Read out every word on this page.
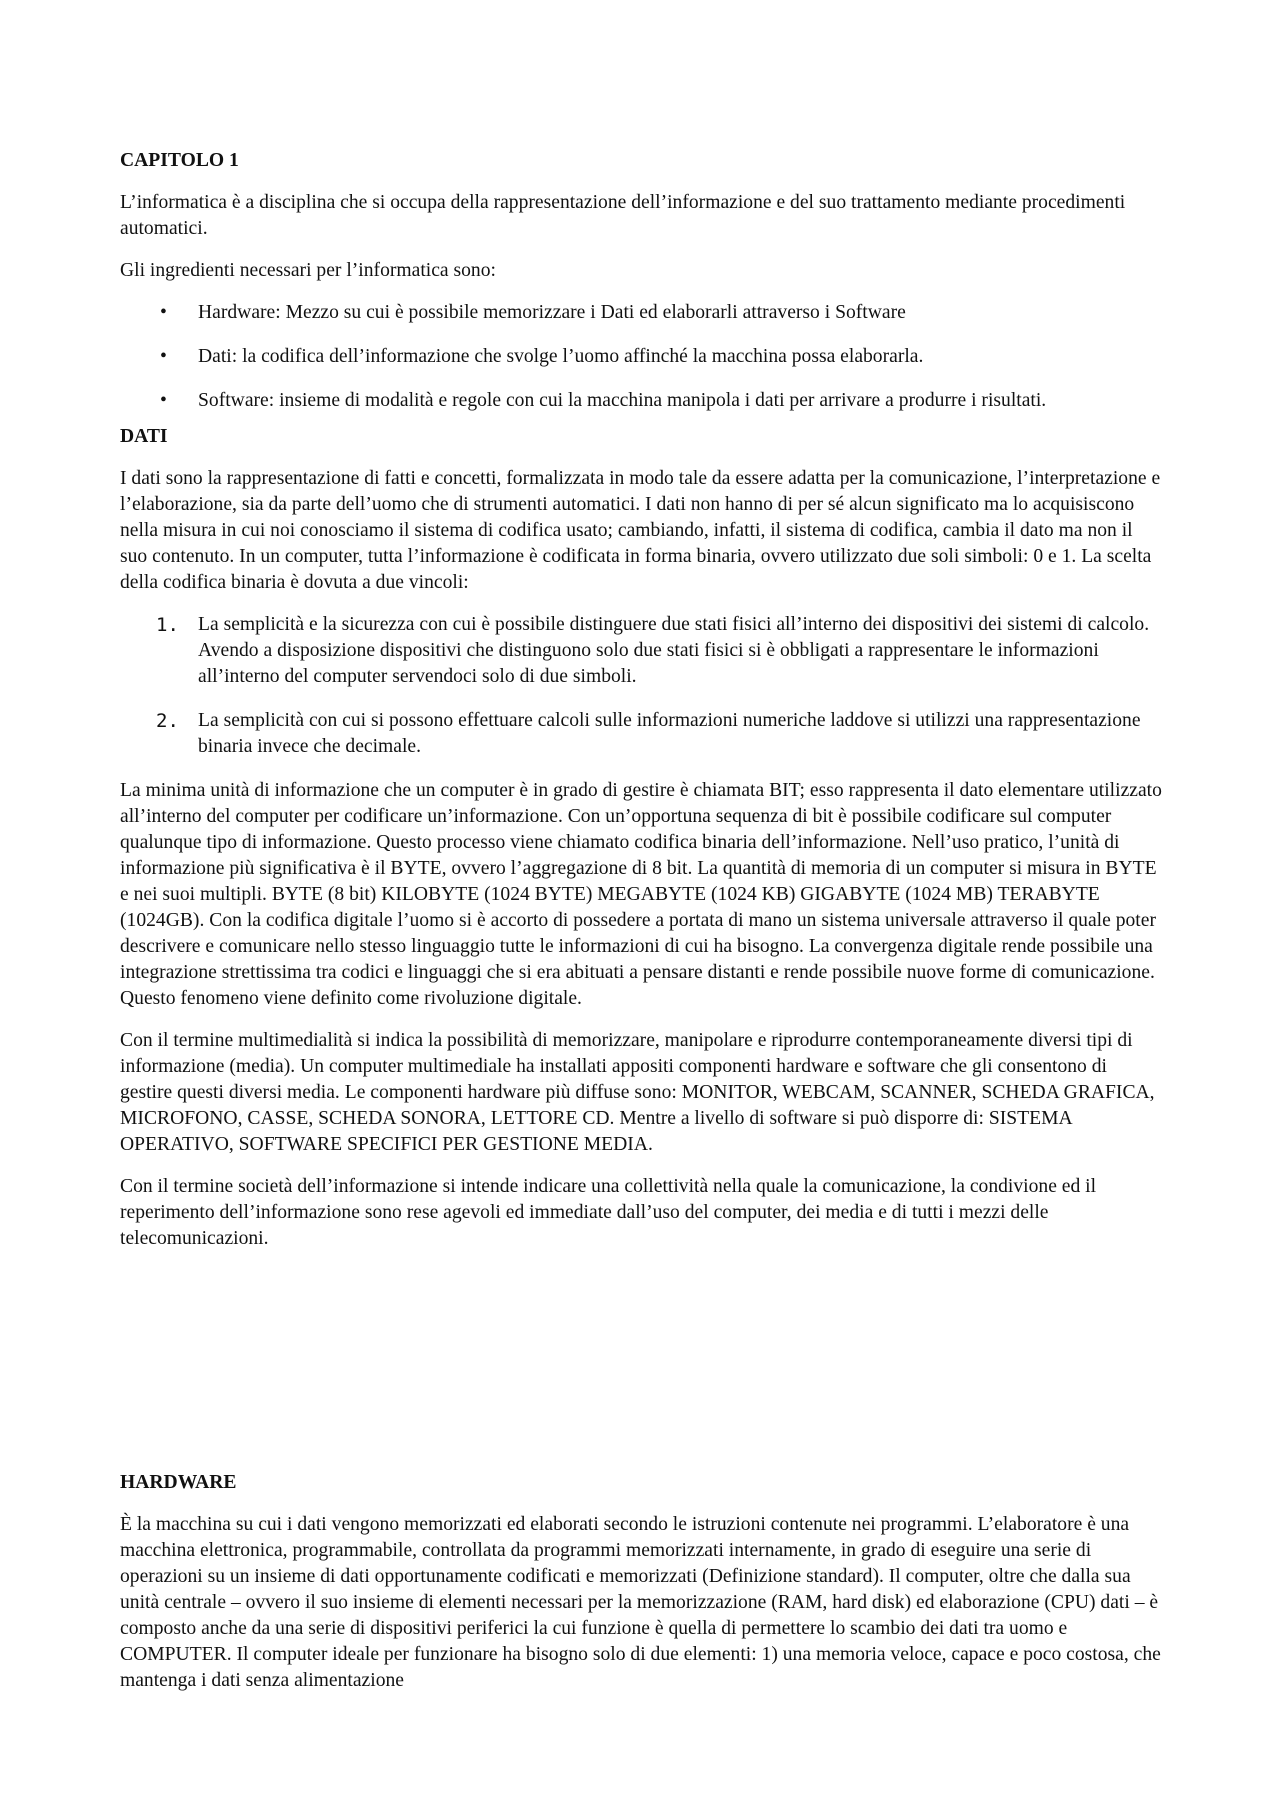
CAPITOLO 1

L’informatica è a disciplina che si occupa della rappresentazione dell’informazione e del suo trattamento mediante procedimenti automatici.

Gli ingredienti necessari per l’informatica sono:

• Hardware: Mezzo su cui è possibile memorizzare i Dati ed elaborarli attraverso i Software
• Dati: la codifica dell’informazione che svolge l’uomo affinché la macchina possa elaborarla.
• Software: insieme di modalità e regole con cui la macchina manipola i dati per arrivare a produrre i risultati.
DATI

I dati sono la rappresentazione di fatti e concetti, formalizzata in modo tale da essere adatta per la comunicazione, l’interpretazione e l’elaborazione, sia da parte dell’uomo che di strumenti automatici. I dati non hanno di per sé alcun significato ma lo acquisiscono nella misura in cui noi conosciamo il sistema di codifica usato; cambiando, infatti, il sistema di codifica, cambia il dato ma non il suo contenuto. In un computer, tutta l’informazione è codificata in forma binaria, ovvero utilizzato due soli simboli: 0 e 1. La scelta della codifica binaria è dovuta a due vincoli:

1. La semplicità e la sicurezza con cui è possibile distinguere due stati fisici all’interno dei dispositivi dei sistemi di calcolo. Avendo a disposizione dispositivi che distinguono solo due stati fisici si è obbligati a rappresentare le informazioni all’interno del computer servendoci solo di due simboli.
2. La semplicità con cui si possono effettuare calcoli sulle informazioni numeriche laddove si utilizzi una rappresentazione binaria invece che decimale.

La minima unità di informazione che un computer è in grado di gestire è chiamata BIT; esso rappresenta il dato elementare utilizzato all’interno del computer per codificare un’informazione. Con un’opportuna sequenza di bit è possibile codificare sul computer qualunque tipo di informazione. Questo processo viene chiamato codifica binaria dell’informazione. Nell’uso pratico, l’unità di informazione più significativa è il BYTE, ovvero l’aggregazione di 8 bit. La quantità di memoria di un computer si misura in BYTE e nei suoi multipli. BYTE (8 bit) KILOBYTE (1024 BYTE) MEGABYTE (1024 KB) GIGABYTE (1024 MB) TERABYTE (1024GB). Con la codifica digitale l’uomo si è accorto di possedere a portata di mano un sistema universale attraverso il quale poter descrivere e comunicare nello stesso linguaggio tutte le informazioni di cui ha bisogno. La convergenza digitale rende possibile una integrazione strettissima tra codici e linguaggi che si era abituati a pensare distanti e rende possibile nuove forme di comunicazione. Questo fenomeno viene definito come rivoluzione digitale.

Con il termine multimedialità si indica la possibilità di memorizzare, manipolare e riprodurre contemporaneamente diversi tipi di informazione (media). Un computer multimediale ha installati appositi componenti hardware e software che gli consentono di gestire questi diversi media. Le componenti hardware più diffuse sono: MONITOR, WEBCAM, SCANNER, SCHEDA GRAFICA, MICROFONO, CASSE, SCHEDA SONORA, LETTORE CD. Mentre a livello di software si può disporre di: SISTEMA OPERATIVO, SOFTWARE SPECIFICI PER GESTIONE MEDIA.

Con il termine società dell’informazione si intende indicare una collettività nella quale la comunicazione, la condivione ed il reperimento dell’informazione sono rese agevoli ed immediate dall’uso del computer, dei media e di tutti i mezzi delle telecomunicazioni.

HARDWARE

È la macchina su cui i dati vengono memorizzati ed elaborati secondo le istruzioni contenute nei programmi. L’elaboratore è una macchina elettronica, programmabile, controllata da programmi memorizzati internamente, in grado di eseguire una serie di operazioni su un insieme di dati opportunamente codificati e memorizzati (Definizione standard). Il computer, oltre che dalla sua unità centrale – ovvero il suo insieme di elementi necessari per la memorizzazione (RAM, hard disk) ed elaborazione (CPU) dati – è composto anche da una serie di dispositivi periferici la cui funzione è quella di permettere lo scambio dei dati tra uomo e COMPUTER. Il computer ideale per funzionare ha bisogno solo di due elementi: 1) una memoria veloce, capace e poco costosa, che mantenga i dati senza alimentazione
